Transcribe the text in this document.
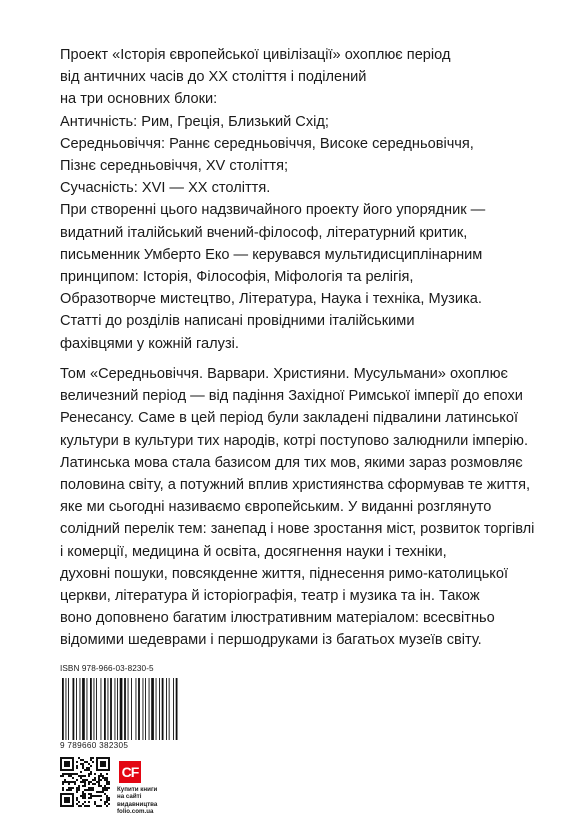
Проект «Історія європейської цивілізації» охоплює період
від античних часів до XX століття і поділений
на три основних блоки:
Античність: Рим, Греція, Близький Схід;
Середньовіччя: Раннє середньовіччя, Високе середньовіччя,
Пізнє середньовіччя, XV століття;
Сучасність: XVI — XX століття.
При створенні цього надзвичайного проекту його упорядник —
видатний італійський вчений-філософ, літературний критик,
письменник Умберто Еко — керувався мультидисциплінарним
принципом: Історія, Філософія, Міфологія та релігія,
Образотворче мистецтво, Література, Наука і техніка, Музика.
Статті до розділів написані провідними італійськими
фахівцями у кожній галузі.
Том «Середньовіччя. Варвари. Християни. Мусульмани» охоплює
величезний період — від падіння Західної Римської імперії до епохи
Ренесансу. Саме в цей період були закладені підвалини латинської
культури в культури тих народів, котрі поступово залюднили імперію.
Латинська мова стала базисом для тих мов, якими зараз розмовляє
половина світу, а потужний вплив християнства сформував те життя,
яке ми сьогодні називаємо європейським. У виданні розглянуто
солідний перелік тем: занепад і нове зростання міст, розвиток торгівлі
і комерції, медицина й освіта, досягнення науки і техніки,
духовні пошуки, повсякденне життя, піднесення римо-католицької
церкви, література й історіографія, театр і музика та ін. Також
воно доповнено багатим ілюстративним матеріалом: всесвітньо
відомими шедеврами і першодруками із багатьох музеїв світу.
ISBN 978-966-03-8230-5
9 789660 382305
CF
Купити книги
на сайті
видавництва
folio.com.ua
